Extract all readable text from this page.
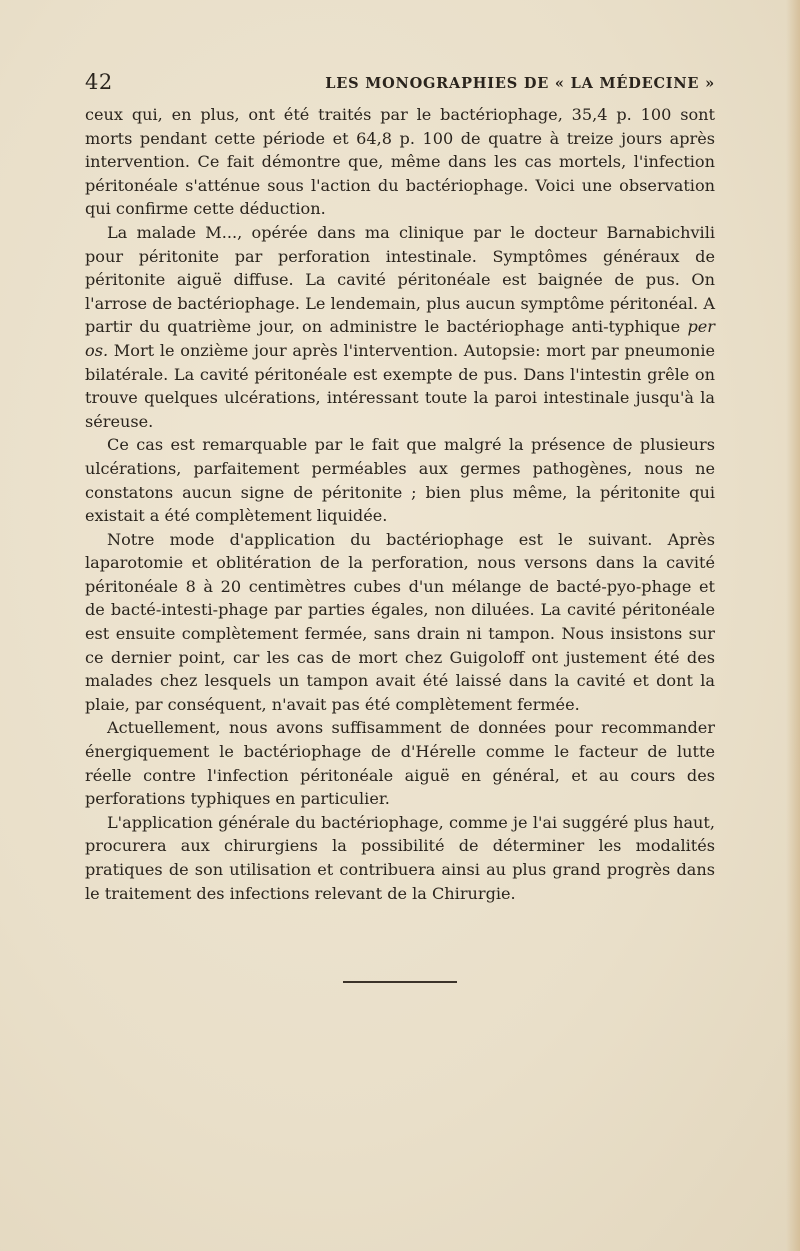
42	LES MONOGRAPHIES DE « LA MÉDECINE »

ceux qui, en plus, ont été traités par le bactériophage, 35,4 p. 100 sont morts pendant cette période et 64,8 p. 100 de quatre à treize jours après intervention. Ce fait démontre que, même dans les cas mortels, l'infection péritonéale s'atténue sous l'action du bactériophage. Voici une observation qui confirme cette déduction.

La malade M..., opérée dans ma clinique par le docteur Barnabichvili pour péritonite par perforation intestinale. Symptômes généraux de péritonite aiguë diffuse. La cavité péritonéale est baignée de pus. On l'arrose de bactériophage. Le lendemain, plus aucun symptôme péritonéal. A partir du quatrième jour, on administre le bactériophage anti-typhique per os. Mort le onzième jour après l'intervention. Autopsie: mort par pneumonie bilatérale. La cavité péritonéale est exempte de pus. Dans l'intestin grêle on trouve quelques ulcérations, intéressant toute la paroi intestinale jusqu'à la séreuse.

Ce cas est remarquable par le fait que malgré la présence de plusieurs ulcérations, parfaitement perméables aux germes pathogènes, nous ne constatons aucun signe de péritonite ; bien plus même, la péritonite qui existait a été complètement liquidée.

Notre mode d'application du bactériophage est le suivant. Après laparotomie et oblitération de la perforation, nous versons dans la cavité péritonéale 8 à 20 centimètres cubes d'un mélange de bacté-pyo-phage et de bacté-intesti-phage par parties égales, non diluées. La cavité péritonéale est ensuite complètement fermée, sans drain ni tampon. Nous insistons sur ce dernier point, car les cas de mort chez Guigoloff ont justement été des malades chez lesquels un tampon avait été laissé dans la cavité et dont la plaie, par conséquent, n'avait pas été complètement fermée.

Actuellement, nous avons suffisamment de données pour recommander énergiquement le bactériophage de d'Hérelle comme le facteur de lutte réelle contre l'infection péritonéale aiguë en général, et au cours des perforations typhiques en particulier.

L'application générale du bactériophage, comme je l'ai suggéré plus haut, procurera aux chirurgiens la possibilité de déterminer les modalités pratiques de son utilisation et contribuera ainsi au plus grand progrès dans le traitement des infections relevant de la Chirurgie.
